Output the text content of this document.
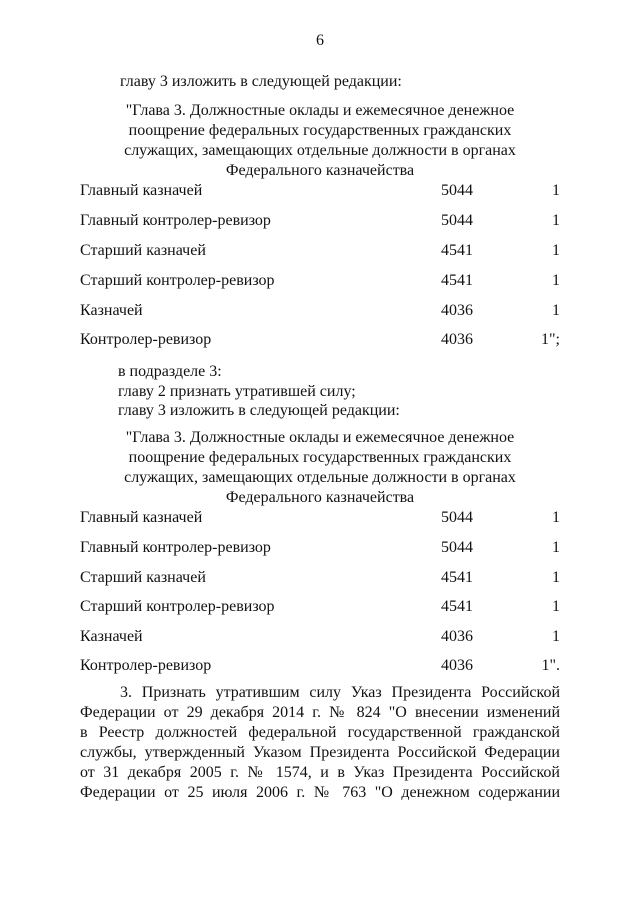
6
главу 3 изложить в следующей редакции:
"Глава 3. Должностные оклады и ежемесячное денежное
поощрение федеральных государственных гражданских
служащих, замещающих отдельные должности в органах
Федерального казначейства
Главный казначей	5044	1
Главный контролер-ревизор	5044	1
Старший казначей	4541	1
Старший контролер-ревизор	4541	1
Казначей	4036	1
Контролер-ревизор	4036	1";
в подразделе 3:
главу 2 признать утратившей силу;
главу 3 изложить в следующей редакции:
"Глава 3. Должностные оклады и ежемесячное денежное
поощрение федеральных государственных гражданских
служащих, замещающих отдельные должности в органах
Федерального казначейства
Главный казначей	5044	1
Главный контролер-ревизор	5044	1
Старший казначей	4541	1
Старший контролер-ревизор	4541	1
Казначей	4036	1
Контролер-ревизор	4036	1".
3. Признать утратившим силу Указ Президента Российской
Федерации от 29 декабря 2014 г. № 824 "О внесении изменений
в Реестр должностей федеральной государственной гражданской
службы, утвержденный Указом Президента Российской Федерации
от 31 декабря 2005 г. № 1574, и в Указ Президента Российской
Федерации от 25 июля 2006 г. № 763 "О денежном содержании
